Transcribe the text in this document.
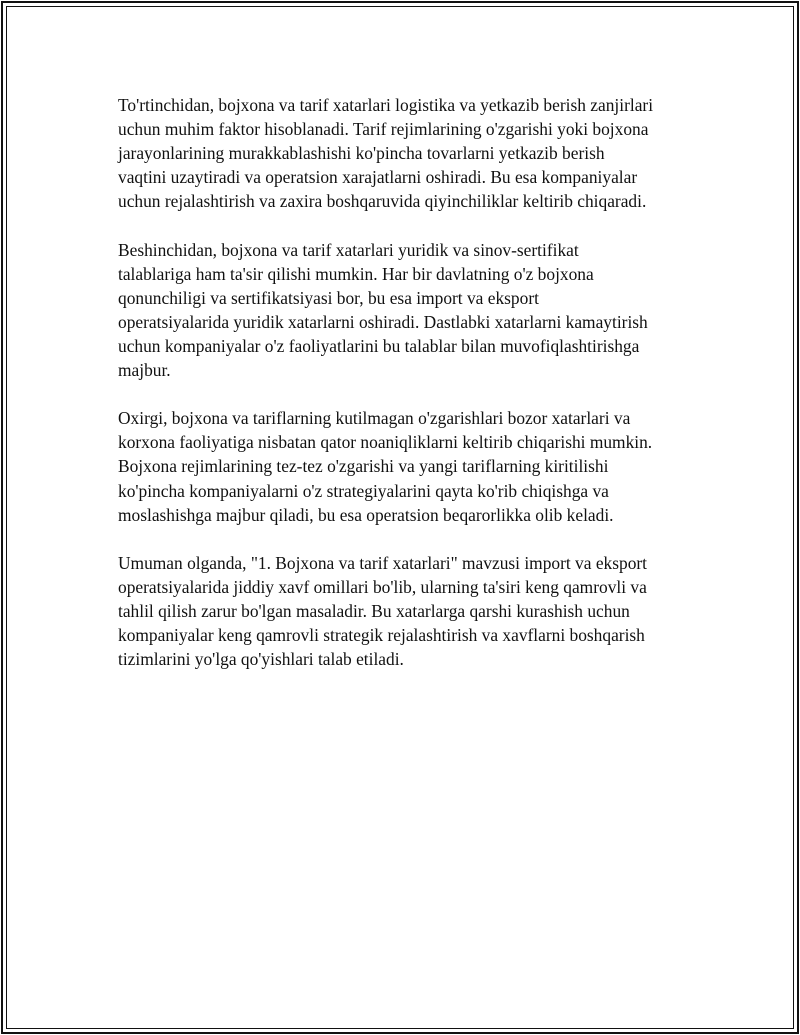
To'rtinchidan, bojxona va tarif xatarlari logistika va yetkazib berish zanjirlari
uchun muhim faktor hisoblanadi. Tarif rejimlarining o'zgarishi yoki bojxona
jarayonlarining murakkablashishi ko'pincha tovarlarni yetkazib berish
vaqtini uzaytiradi va operatsion xarajatlarni oshiradi. Bu esa kompaniyalar
uchun rejalashtirish va zaxira boshqaruvida qiyinchiliklar keltirib chiqaradi.

Beshinchidan, bojxona va tarif xatarlari yuridik va sinov-sertifikat
talablariga ham ta'sir qilishi mumkin. Har bir davlatning o'z bojxona
qonunchiligi va sertifikatsiyasi bor, bu esa import va eksport
operatsiyalarida yuridik xatarlarni oshiradi. Dastlabki xatarlarni kamaytirish
uchun kompaniyalar o'z faoliyatlarini bu talablar bilan muvofiqlashtirishga
majbur.

Oxirgi, bojxona va tariflarning kutilmagan o'zgarishlari bozor xatarlari va
korxona faoliyatiga nisbatan qator noaniqliklarni keltirib chiqarishi mumkin.
Bojxona rejimlarining tez-tez o'zgarishi va yangi tariflarning kiritilishi
ko'pincha kompaniyalarni o'z strategiyalarini qayta ko'rib chiqishga va
moslashishga majbur qiladi, bu esa operatsion beqarorlikka olib keladi.

Umuman olganda, "1. Bojxona va tarif xatarlari" mavzusi import va eksport
operatsiyalarida jiddiy xavf omillari bo'lib, ularning ta'siri keng qamrovli va
tahlil qilish zarur bo'lgan masaladir. Bu xatarlarga qarshi kurashish uchun
kompaniyalar keng qamrovli strategik rejalashtirish va xavflarni boshqarish
tizimlarini yo'lga qo'yishlari talab etiladi.
